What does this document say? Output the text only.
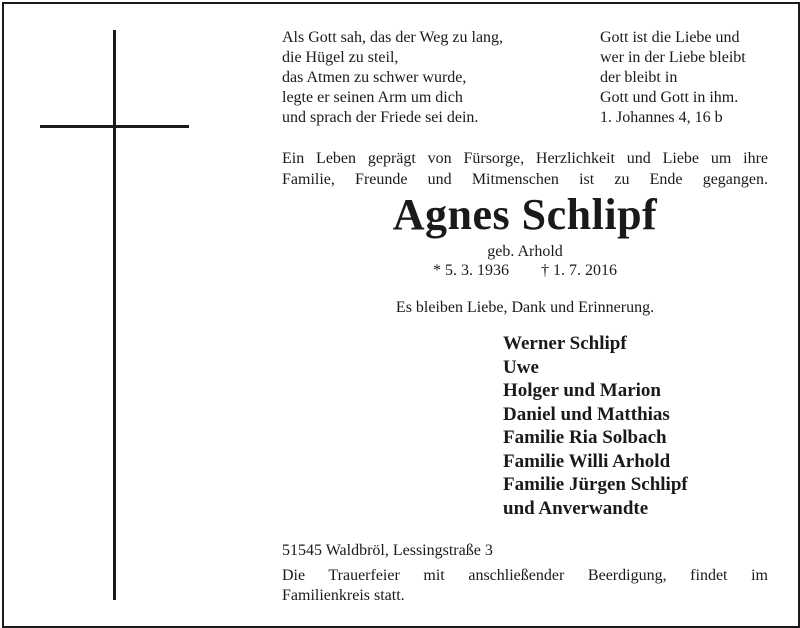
Als Gott sah, das der Weg zu lang,
die Hügel zu steil,
das Atmen zu schwer wurde,
legte er seinen Arm um dich
und sprach der Friede sei dein.
Gott ist die Liebe und
wer in der Liebe bleibt
der bleibt in
Gott und Gott in ihm.
1. Johannes 4, 16 b
Ein Leben geprägt von Fürsorge, Herzlichkeit und Liebe um ihre
Familie, Freunde und Mitmenschen ist zu Ende gegangen.
Agnes Schlipf
geb. Arhold
* 5. 3. 1936 † 1. 7. 2016
Es bleiben Liebe, Dank und Erinnerung.
Werner Schlipf
Uwe
Holger und Marion
Daniel und Matthias
Familie Ria Solbach
Familie Willi Arhold
Familie Jürgen Schlipf
und Anverwandte
51545 Waldbröl, Lessingstraße 3
Die Trauerfeier mit anschließender Beerdigung, findet im
Familienkreis statt.
